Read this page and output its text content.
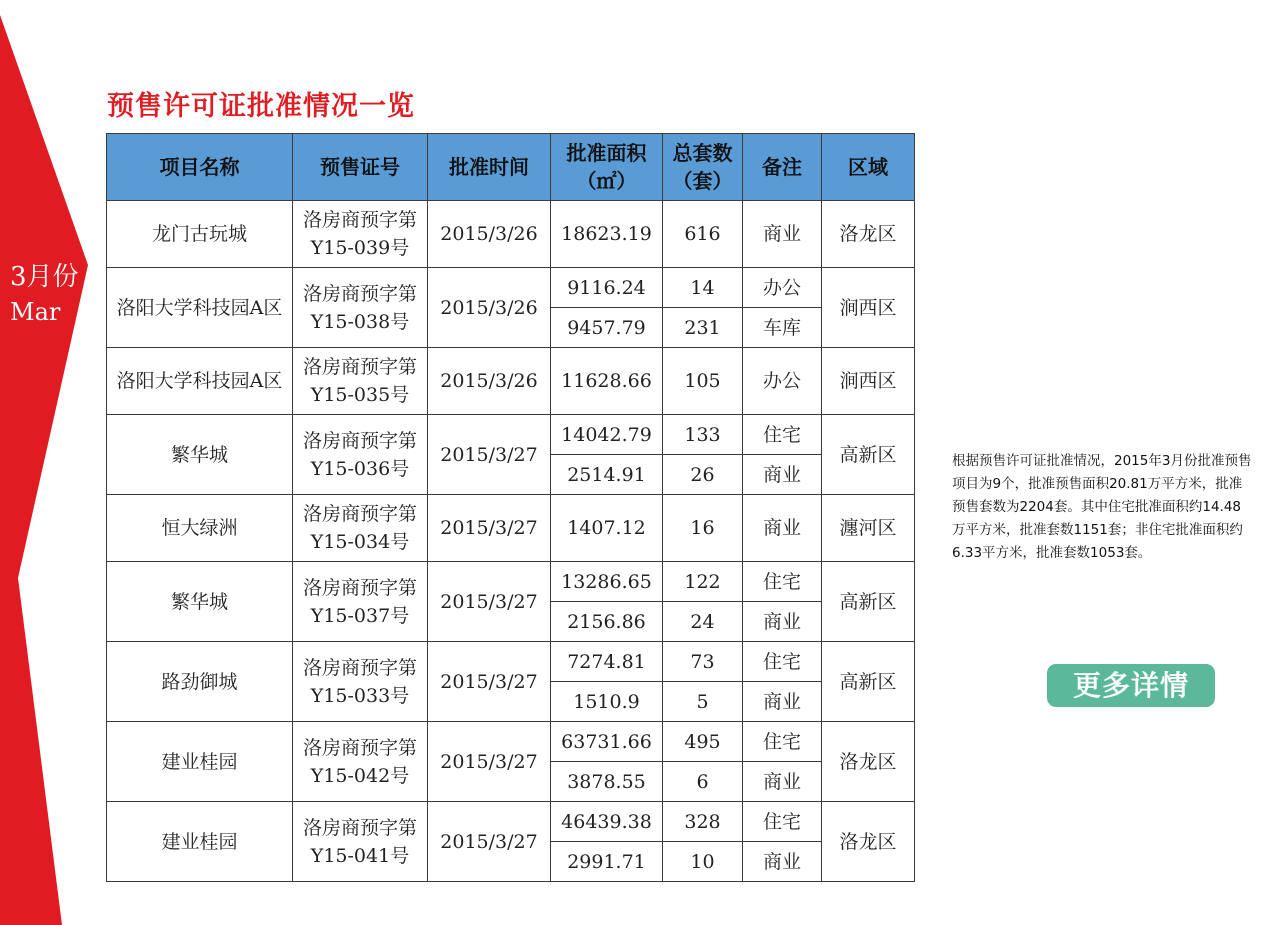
3月份
Mar
预售许可证批准情况一览
项目名称	预售证号	批准时间	批准面积（㎡）	总套数（套）	备注	区域
龙门古玩城	洛房商预字第Y15-039号	2015/3/26	18623.19	616	商业	洛龙区
洛阳大学科技园A区	洛房商预字第Y15-038号	2015/3/26	9116.24	14	办公	涧西区
			9457.79	231	车库	
洛阳大学科技园A区	洛房商预字第Y15-035号	2015/3/26	11628.66	105	办公	涧西区
繁华城	洛房商预字第Y15-036号	2015/3/27	14042.79	133	住宅	高新区
			2514.91	26	商业	
恒大绿洲	洛房商预字第Y15-034号	2015/3/27	1407.12	16	商业	瀍河区
繁华城	洛房商预字第Y15-037号	2015/3/27	13286.65	122	住宅	高新区
			2156.86	24	商业	
路劲御城	洛房商预字第Y15-033号	2015/3/27	7274.81	73	住宅	高新区
			1510.9	5	商业	
建业桂园	洛房商预字第Y15-042号	2015/3/27	63731.66	495	住宅	洛龙区
			3878.55	6	商业	
建业桂园	洛房商预字第Y15-041号	2015/3/27	46439.38	328	住宅	洛龙区
			2991.71	10	商业	
根据预售许可证批准情况，2015年3月份批准预售项目为9个，批准预售面积20.81万平方米，批准预售套数为2204套。其中住宅批准面积约14.48万平方米，批准套数1151套；非住宅批准面积约6.33平方米，批准套数1053套。
更多详情
